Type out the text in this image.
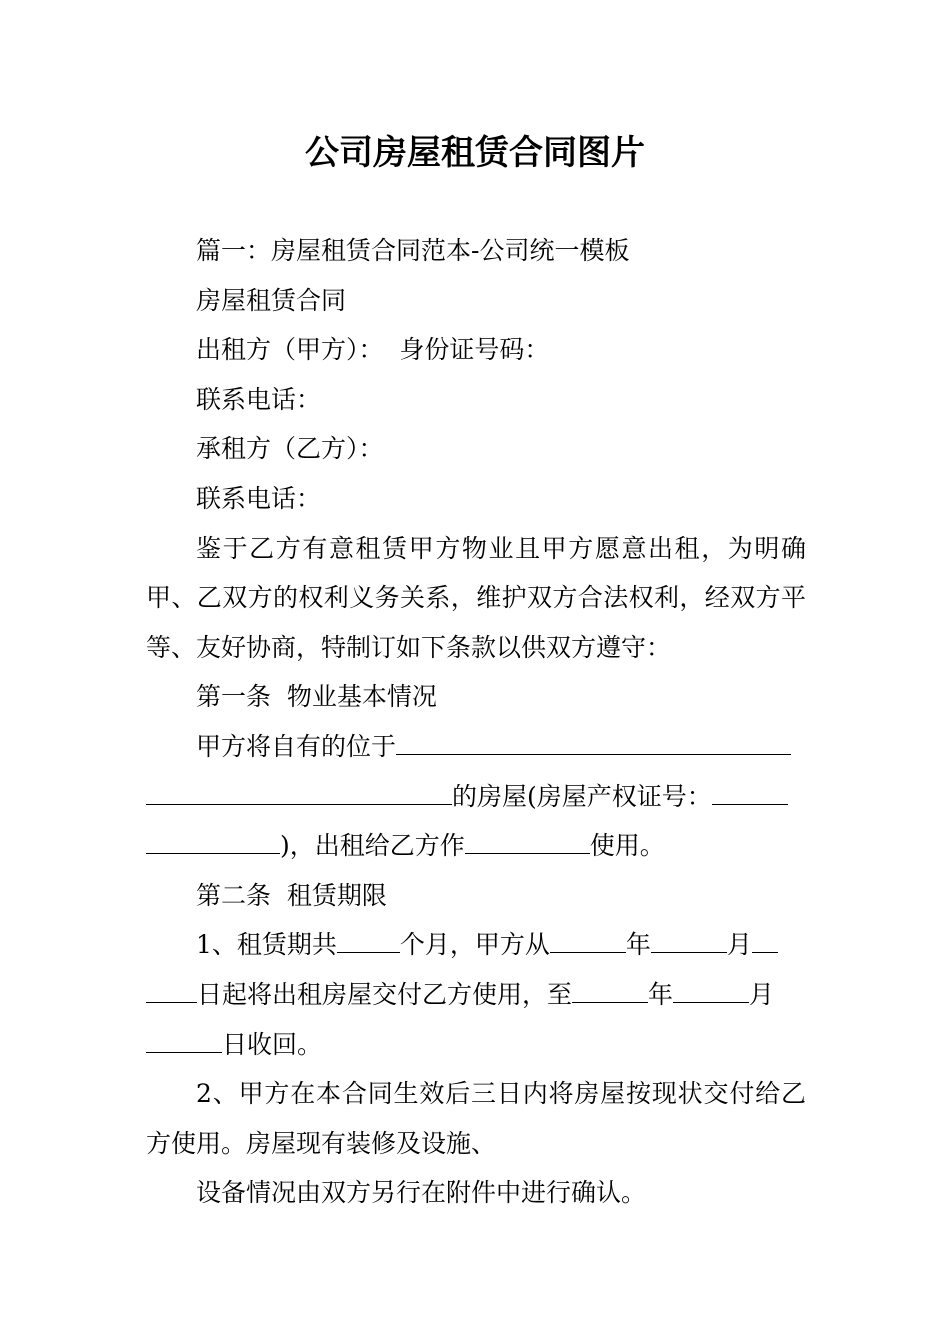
公司房屋租赁合同图片

篇一：房屋租赁合同范本-公司统一模板

房屋租赁合同

出租方（甲方）：  身份证号码：

联系电话：

承租方（乙方）：

联系电话：

鉴于乙方有意租赁甲方物业且甲方愿意出租，为明确甲、乙双方的权利义务关系，维护双方合法权利，经双方平等、友好协商，特制订如下条款以供双方遵守：

第一条  物业基本情况

甲方将自有的位于

的房屋(房屋产权证号：

)，出租给乙方作	使用。

第二条  租赁期限

1、租赁期共	个月，甲方从	年	月

日起将出租房屋交付乙方使用，至	年	月

日收回。

2、甲方在本合同生效后三日内将房屋按现状交付给乙方使用。房屋现有装修及设施、

设备情况由双方另行在附件中进行确认。
